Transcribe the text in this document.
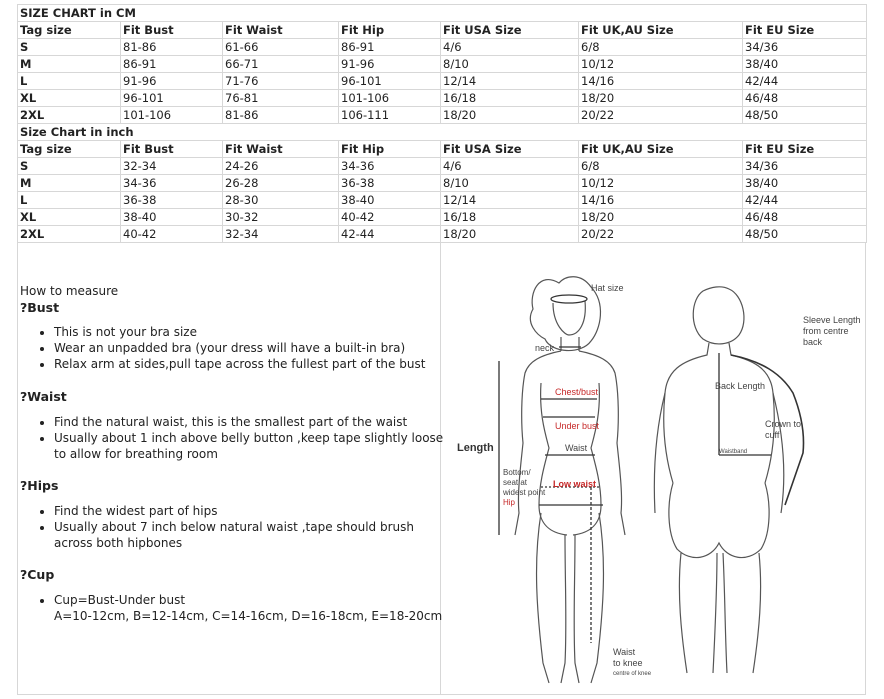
SIZE CHART in CM						
Tag size	Fit Bust	Fit Waist	Fit Hip	Fit USA Size	Fit UK,AU Size	Fit EU Size
S	81-86	61-66	86-91	4/6	6/8	34/36
M	86-91	66-71	91-96	8/10	10/12	38/40
L	91-96	71-76	96-101	12/14	14/16	42/44
XL	96-101	76-81	101-106	16/18	18/20	46/48
2XL	101-106	81-86	106-111	18/20	20/22	48/50
Size Chart in inch						
Tag size	Fit Bust	Fit Waist	Fit Hip	Fit USA Size	Fit UK,AU Size	Fit EU Size
S	32-34	24-26	34-36	4/6	6/8	34/36
M	34-36	26-28	36-38	8/10	10/12	38/40
L	36-38	28-30	38-40	12/14	14/16	42/44
XL	38-40	30-32	40-42	16/18	18/20	46/48
2XL	40-42	32-34	42-44	18/20	20/22	48/50
How to measure
?Bust
• This is not your bra size
• Wear an unpadded bra (your dress will have a built-in bra)
• Relax arm at sides,pull tape across the fullest part of the bust
?Waist
• Find the natural waist, this is the smallest part of the waist
• Usually about 1 inch above belly button ,keep tape slightly loose to allow for breathing room
?Hips
• Find the widest part of hips
• Usually about 7 inch below natural waist ,tape should brush across both hipbones
?Cup
• Cup=Bust-Under bust
A=10-12cm, B=12-14cm, C=14-16cm, D=16-18cm, E=18-20cm
Hat size
neck
Chest/bust
Under bust
Waist
Low waist
Length
Bottom/
seat at
widest point
Hip
Back Length
Waistband
Sleeve Length
from centre
back
Crown to
cuff
Waist
to knee
centre of knee
